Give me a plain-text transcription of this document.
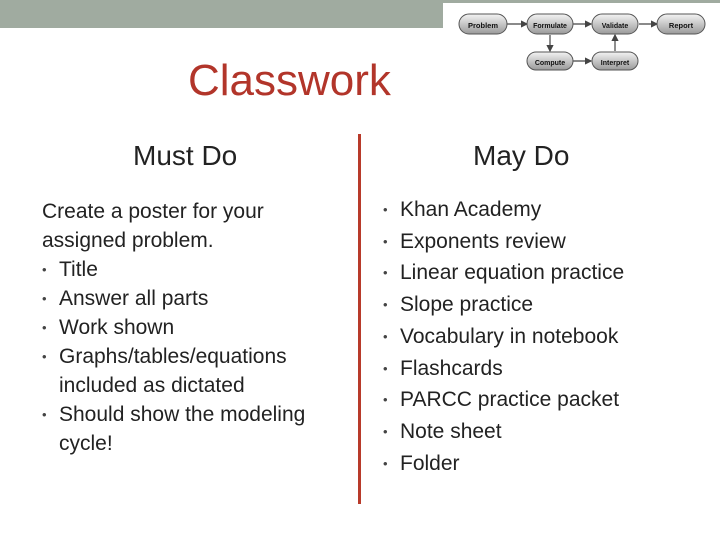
Problem	Formulate	Validate	Report
Compute	Interpret
Classwork
Must Do	May Do
Create a poster for your assigned problem.
• Title
• Answer all parts
• Work shown
• Graphs/tables/equations included as dictated
• Should show the modeling cycle!
• Khan Academy
• Exponents review
• Linear equation practice
• Slope practice
• Vocabulary in notebook
• Flashcards
• PARCC practice packet
• Note sheet
• Folder
